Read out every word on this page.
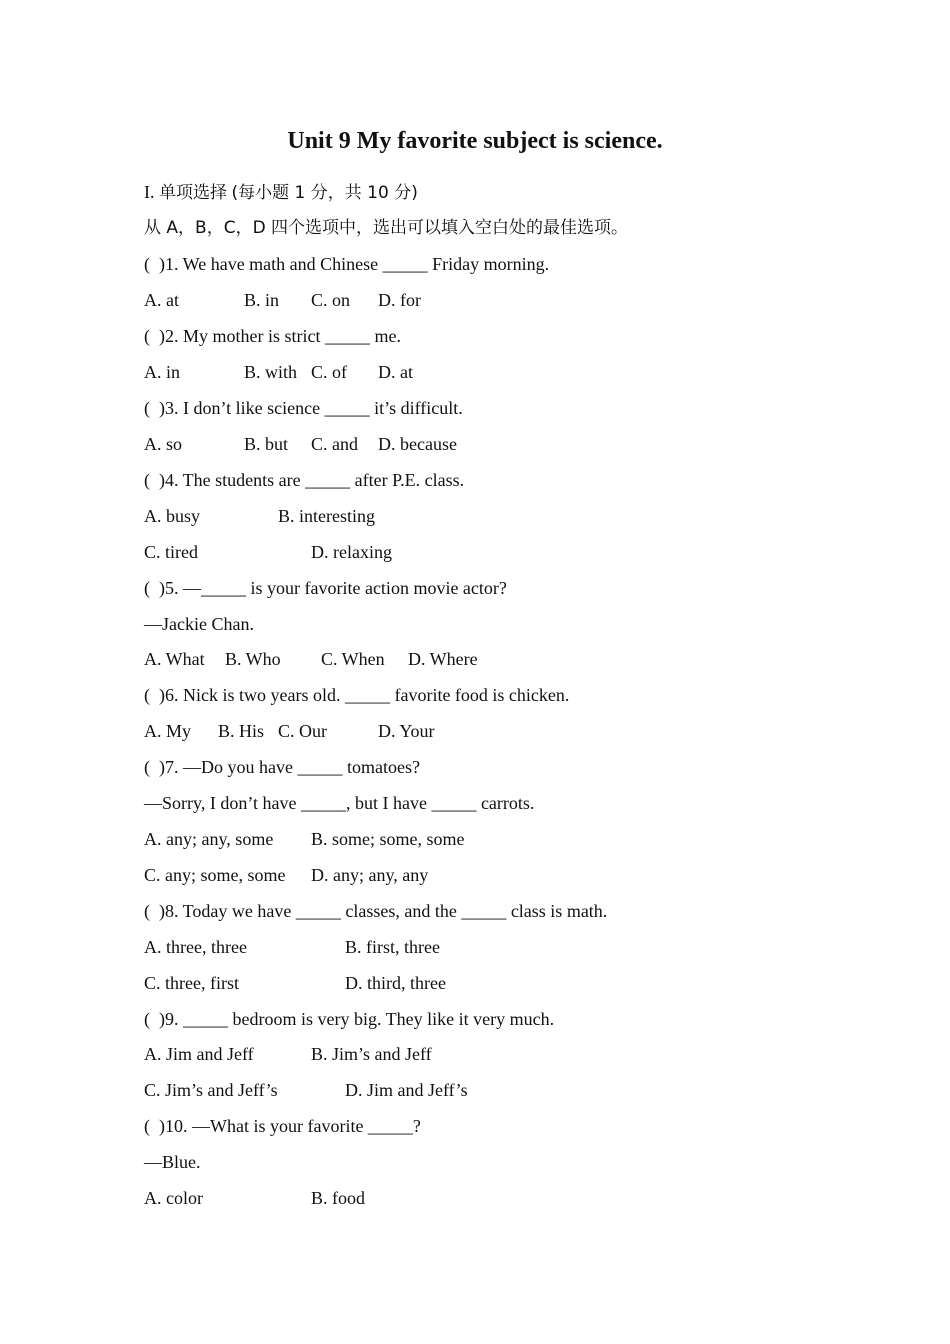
Unit 9 My favorite subject is science.
I. 单项选择 (每小题 1 分，共 10 分)
从 A，B，C，D 四个选项中，选出可以填入空白处的最佳选项。
(  )1. We have math and Chinese _____ Friday morning.
A. at	B. in C. on D. for
(  )2. My mother is strict _____ me.
A. in	B. with C. of D. at
(  )3. I don’t like science _____ it’s difficult.
A. so	B. but C. and D. because
(  )4. The students are _____ after P.E. class.
A. busy	B. interesting
C. tired	D. relaxing
(  )5. —_____ is your favorite action movie actor?
—Jackie Chan.
A. What B. Who C. When D. Where
(  )6. Nick is two years old. _____ favorite food is chicken.
A. My B. His C. Our	D. Your
(  )7. —Do you have _____ tomatoes?
—Sorry, I don’t have _____, but I have _____ carrots.
A. any; any, some B. some; some, some
C. any; some, some D. any; any, any
(  )8. Today we have _____ classes, and the _____ class is math.
A. three, three	B. first, three
C. three, first	D. third, three
(  )9. _____ bedroom is very big. They like it very much.
A. Jim and Jeff	B. Jim’s and Jeff
C. Jim’s and Jeff’s	D. Jim and Jeff’s
(  )10. —What is your favorite _____?
—Blue.
A. color	B. food
